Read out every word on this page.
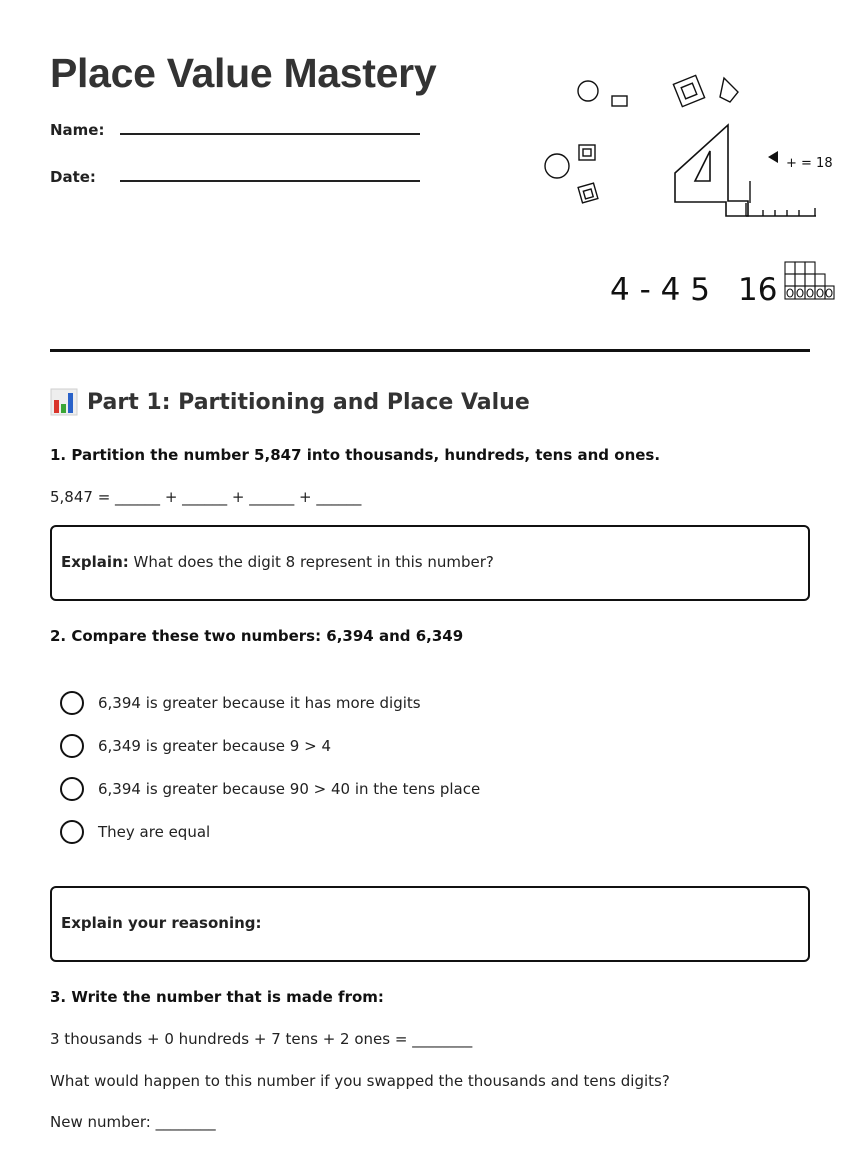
Place Value Mastery
Name:
Date:
+ = 18
4 - 4 5 16
Part 1: Partitioning and Place Value
1. Partition the number 5,847 into thousands, hundreds, tens and ones.
5,847 = ______ + ______ + ______ + ______
Explain: What does the digit 8 represent in this number?
2. Compare these two numbers: 6,394 and 6,349
6,394 is greater because it has more digits
6,349 is greater because 9 > 4
6,394 is greater because 90 > 40 in the tens place
They are equal
Explain your reasoning:
3. Write the number that is made from:
3 thousands + 0 hundreds + 7 tens + 2 ones = ________
What would happen to this number if you swapped the thousands and tens digits?
New number: ________
